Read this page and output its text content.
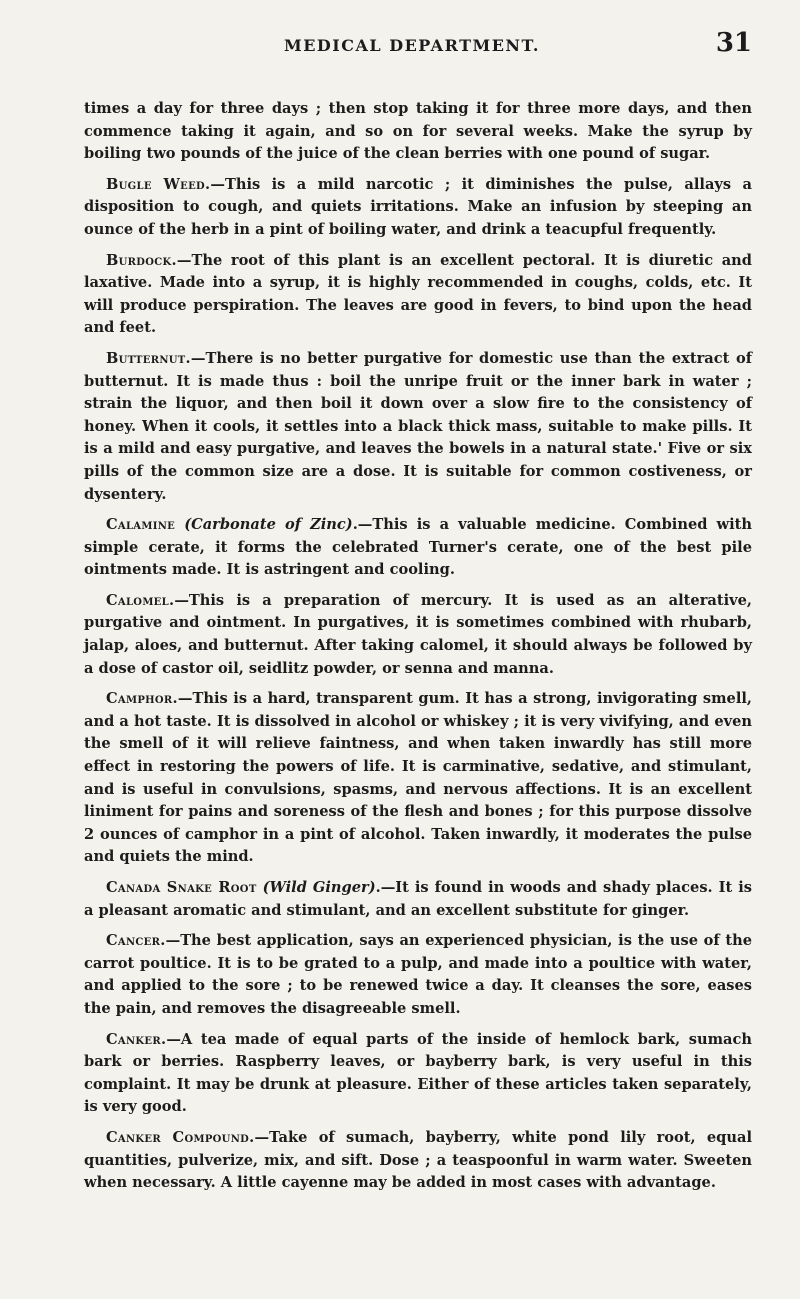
MEDICAL DEPARTMENT.	31

times a day for three days ; then stop taking it for three more days, and then commence taking it again, and so on for several weeks. Make the syrup by boiling two pounds of the juice of the clean berries with one pound of sugar.

Bugle Weed.—This is a mild narcotic ; it diminishes the pulse, allays a disposition to cough, and quiets irritations. Make an infusion by steeping an ounce of the herb in a pint of boiling water, and drink a teacupful frequently.

Burdock.—The root of this plant is an excellent pectoral. It is diuretic and laxative. Made into a syrup, it is highly recommended in coughs, colds, etc. It will produce perspiration. The leaves are good in fevers, to bind upon the head and feet.

Butternut.—There is no better purgative for domestic use than the extract of butternut. It is made thus : boil the unripe fruit or the inner bark in water ; strain the liquor, and then boil it down over a slow fire to the consistency of honey. When it cools, it settles into a black thick mass, suitable to make pills. It is a mild and easy purgative, and leaves the bowels in a natural state.' Five or six pills of the common size are a dose. It is suitable for common costiveness, or dysentery.

Calamine (Carbonate of Zinc).—This is a valuable medicine. Combined with simple cerate, it forms the celebrated Turner's cerate, one of the best pile ointments made. It is astringent and cooling.

Calomel.—This is a preparation of mercury. It is used as an alterative, purgative and ointment. In purgatives, it is sometimes combined with rhubarb, jalap, aloes, and butternut. After taking calomel, it should always be followed by a dose of castor oil, seidlitz powder, or senna and manna.

Camphor.—This is a hard, transparent gum. It has a strong, invigorating smell, and a hot taste. It is dissolved in alcohol or whiskey ; it is very vivifying, and even the smell of it will relieve faintness, and when taken inwardly has still more effect in restoring the powers of life. It is carminative, sedative, and stimulant, and is useful in convulsions, spasms, and nervous affections. It is an excellent liniment for pains and soreness of the flesh and bones ; for this purpose dissolve 2 ounces of camphor in a pint of alcohol. Taken inwardly, it moderates the pulse and quiets the mind.

Canada Snake Root (Wild Ginger).—It is found in woods and shady places. It is a pleasant aromatic and stimulant, and an excellent substitute for ginger.

Cancer.—The best application, says an experienced physician, is the use of the carrot poultice. It is to be grated to a pulp, and made into a poultice with water, and applied to the sore ; to be renewed twice a day. It cleanses the sore, eases the pain, and removes the disagreeable smell.

Canker.—A tea made of equal parts of the inside of hemlock bark, sumach bark or berries. Raspberry leaves, or bayberry bark, is very useful in this complaint. It may be drunk at pleasure. Either of these articles taken separately, is very good.

Canker Compound.—Take of sumach, bayberry, white pond lily root, equal quantities, pulverize, mix, and sift. Dose ; a teaspoonful in warm water. Sweeten when necessary. A little cayenne may be added in most cases with advantage.
